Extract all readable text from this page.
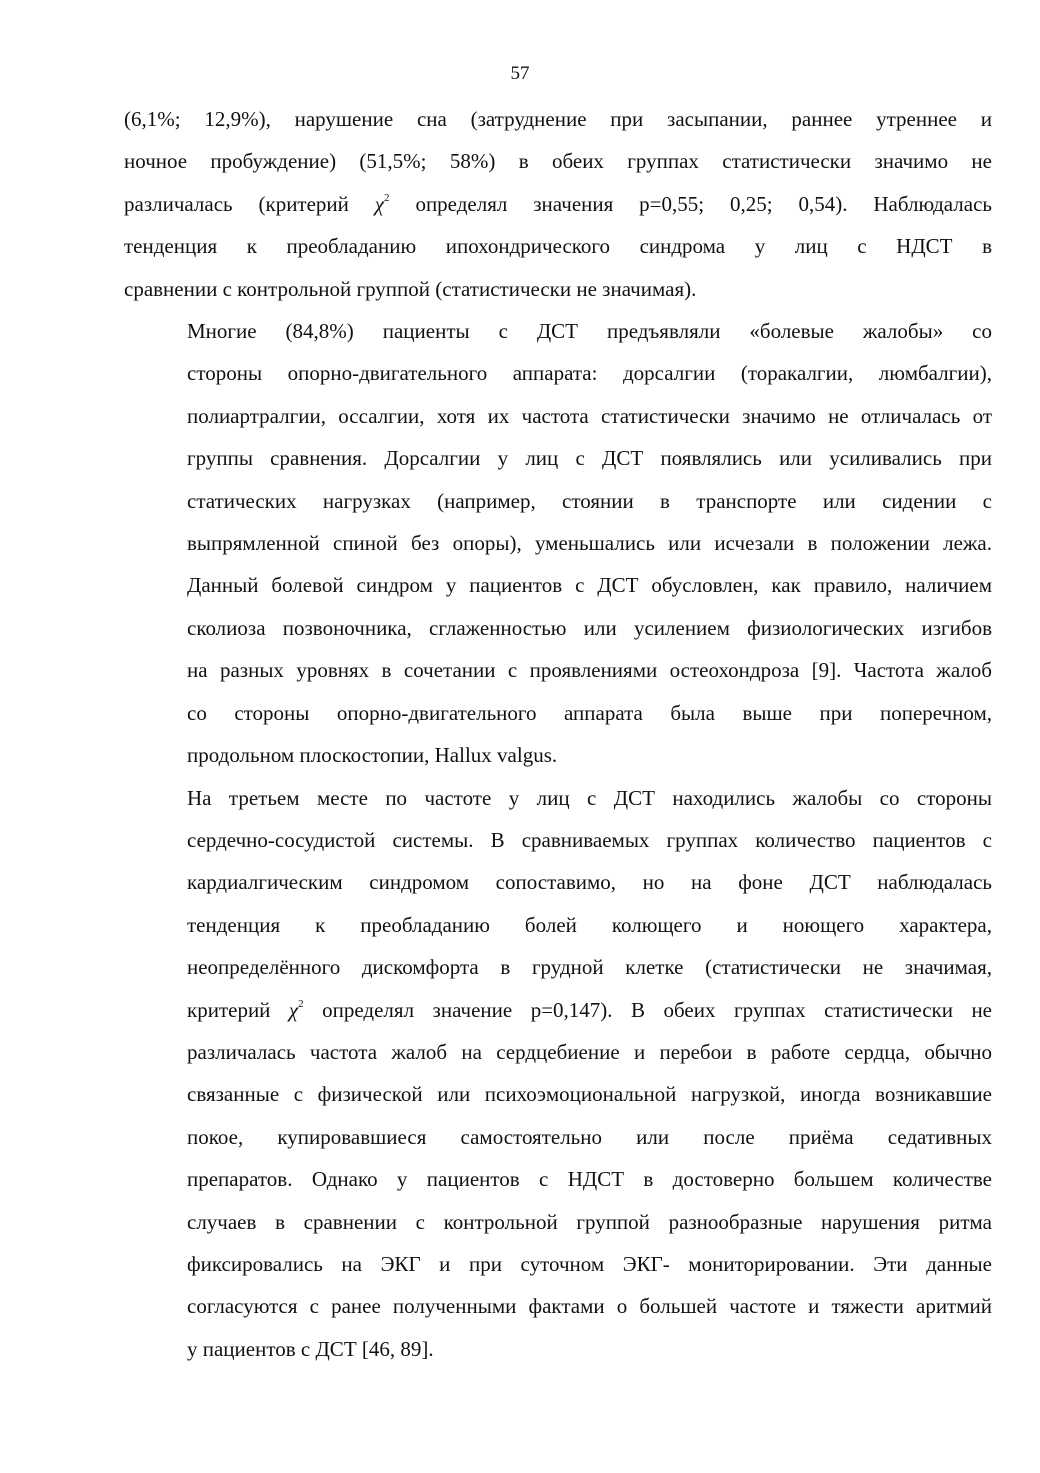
57

(6,1%; 12,9%), нарушение сна (затруднение при засыпании, раннее утреннее и
ночное пробуждение) (51,5%; 58%) в обеих группах статистически значимо не
различалась (критерий $\chi^2$ определял значения р=0,55; 0,25; 0,54). Наблюдалась
тенденция к преобладанию ипохондрического синдрома у лиц с НДСТ в
сравнении с контрольной группой (статистически не значимая).

Многие (84,8%) пациенты с ДСТ предъявляли «болевые жалобы» со
стороны опорно-двигательного аппарата: дорсалгии (торакалгии, люмбалгии),
полиартралгии, оссалгии, хотя их частота статистически значимо не отличалась от
группы сравнения. Дорсалгии у лиц с ДСТ появлялись или усиливались при
статических нагрузках (например, стоянии в транспорте или сидении с
выпрямленной спиной без опоры), уменьшались или исчезали в положении лежа.
Данный болевой синдром у пациентов с ДСТ обусловлен, как правило, наличием
сколиоза позвоночника, сглаженностью или усилением физиологических изгибов
на разных уровнях в сочетании с проявлениями остеохондроза [9]. Частота жалоб
со стороны опорно-двигательного аппарата была выше при поперечном,
продольном плоскостопии, Hallux valgus.

На третьем месте по частоте у лиц с ДСТ находились жалобы со стороны
сердечно-сосудистой системы. В сравниваемых группах количество пациентов с
кардиалгическим синдромом сопоставимо, но на фоне ДСТ наблюдалась
тенденция к преобладанию болей колющего и ноющего характера,
неопределённого дискомфорта в грудной клетке (статистически не значимая,
критерий $\chi^2$ определял значение р=0,147). В обеих группах статистически не
различалась частота жалоб на сердцебиение и перебои в работе сердца, обычно
связанные с физической или психоэмоциональной нагрузкой, иногда возникавшие
покое, купировавшиеся самостоятельно или после приёма седативных
препаратов. Однако у пациентов с НДСТ в достоверно большем количестве
случаев в сравнении с контрольной группой разнообразные нарушения ритма
фиксировались на ЭКГ и при суточном ЭКГ- мониторировании. Эти данные
согласуются с ранее полученными фактами о большей частоте и тяжести аритмий
у пациентов с ДСТ [46, 89].
